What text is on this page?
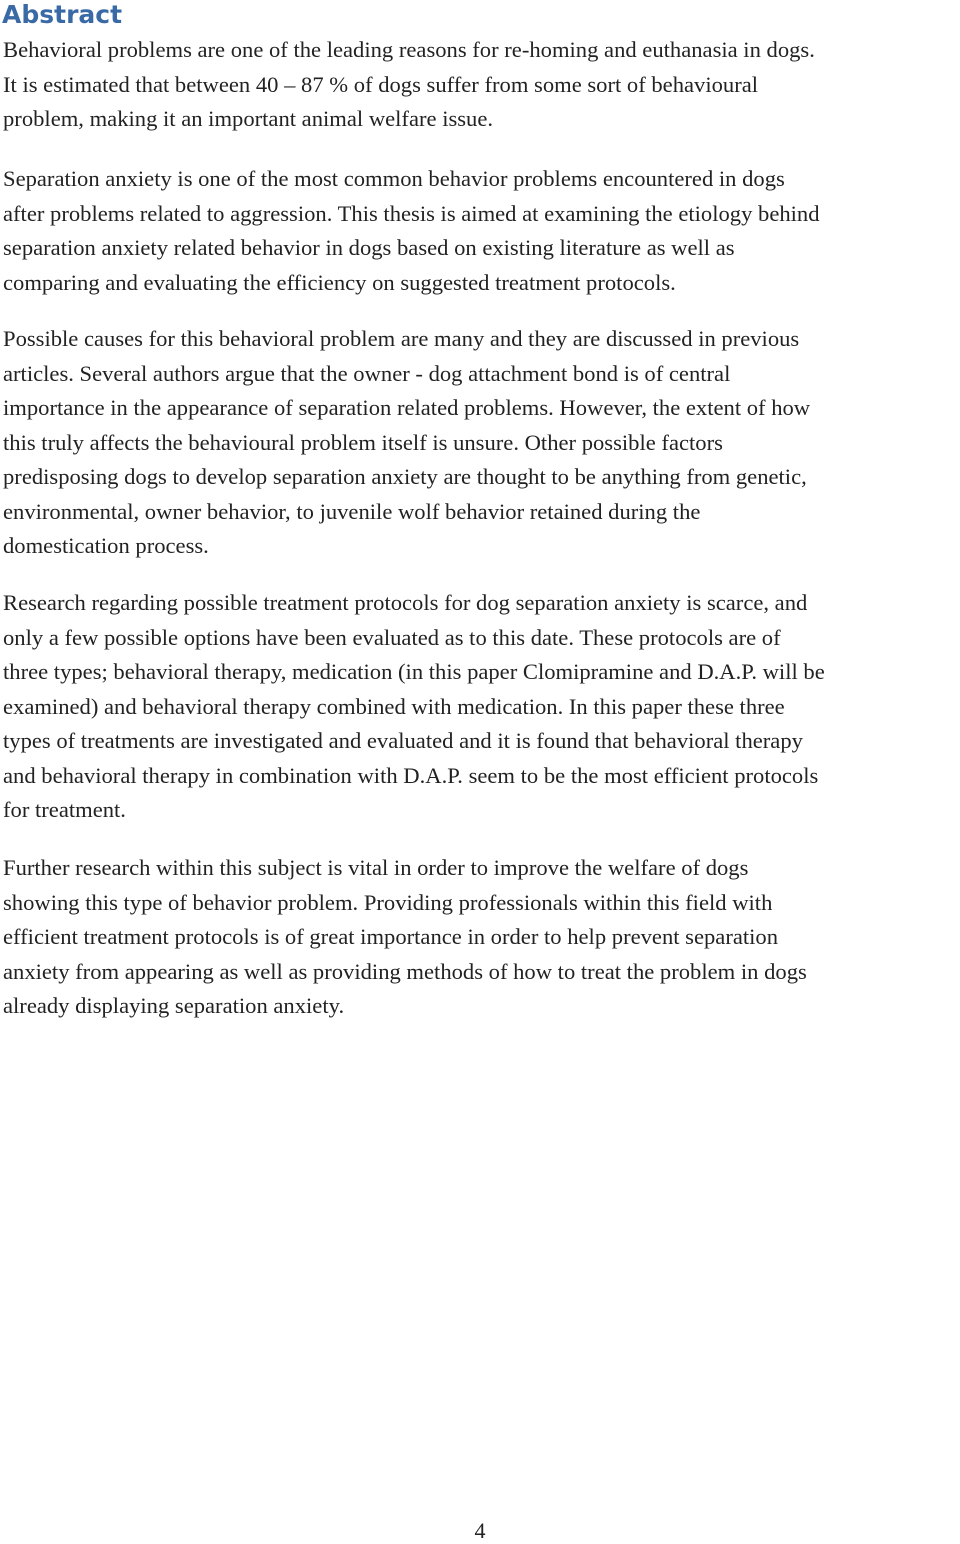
Abstract

Behavioral problems are one of the leading reasons for re-homing and euthanasia in dogs.
It is estimated that between 40 – 87 % of dogs suffer from some sort of behavioural
problem, making it an important animal welfare issue.

Separation anxiety is one of the most common behavior problems encountered in dogs
after problems related to aggression. This thesis is aimed at examining the etiology behind
separation anxiety related behavior in dogs based on existing literature as well as
comparing and evaluating the efficiency on suggested treatment protocols.

Possible causes for this behavioral problem are many and they are discussed in previous
articles. Several authors argue that the owner - dog attachment bond is of central
importance in the appearance of separation related problems. However, the extent of how
this truly affects the behavioural problem itself is unsure. Other possible factors
predisposing dogs to develop separation anxiety are thought to be anything from genetic,
environmental, owner behavior, to juvenile wolf behavior retained during the
domestication process.

Research regarding possible treatment protocols for dog separation anxiety is scarce, and
only a few possible options have been evaluated as to this date. These protocols are of
three types; behavioral therapy, medication (in this paper Clomipramine and D.A.P. will be
examined) and behavioral therapy combined with medication. In this paper these three
types of treatments are investigated and evaluated and it is found that behavioral therapy
and behavioral therapy in combination with D.A.P. seem to be the most efficient protocols
for treatment.

Further research within this subject is vital in order to improve the welfare of dogs
showing this type of behavior problem. Providing professionals within this field with
efficient treatment protocols is of great importance in order to help prevent separation
anxiety from appearing as well as providing methods of how to treat the problem in dogs
already displaying separation anxiety.

4
